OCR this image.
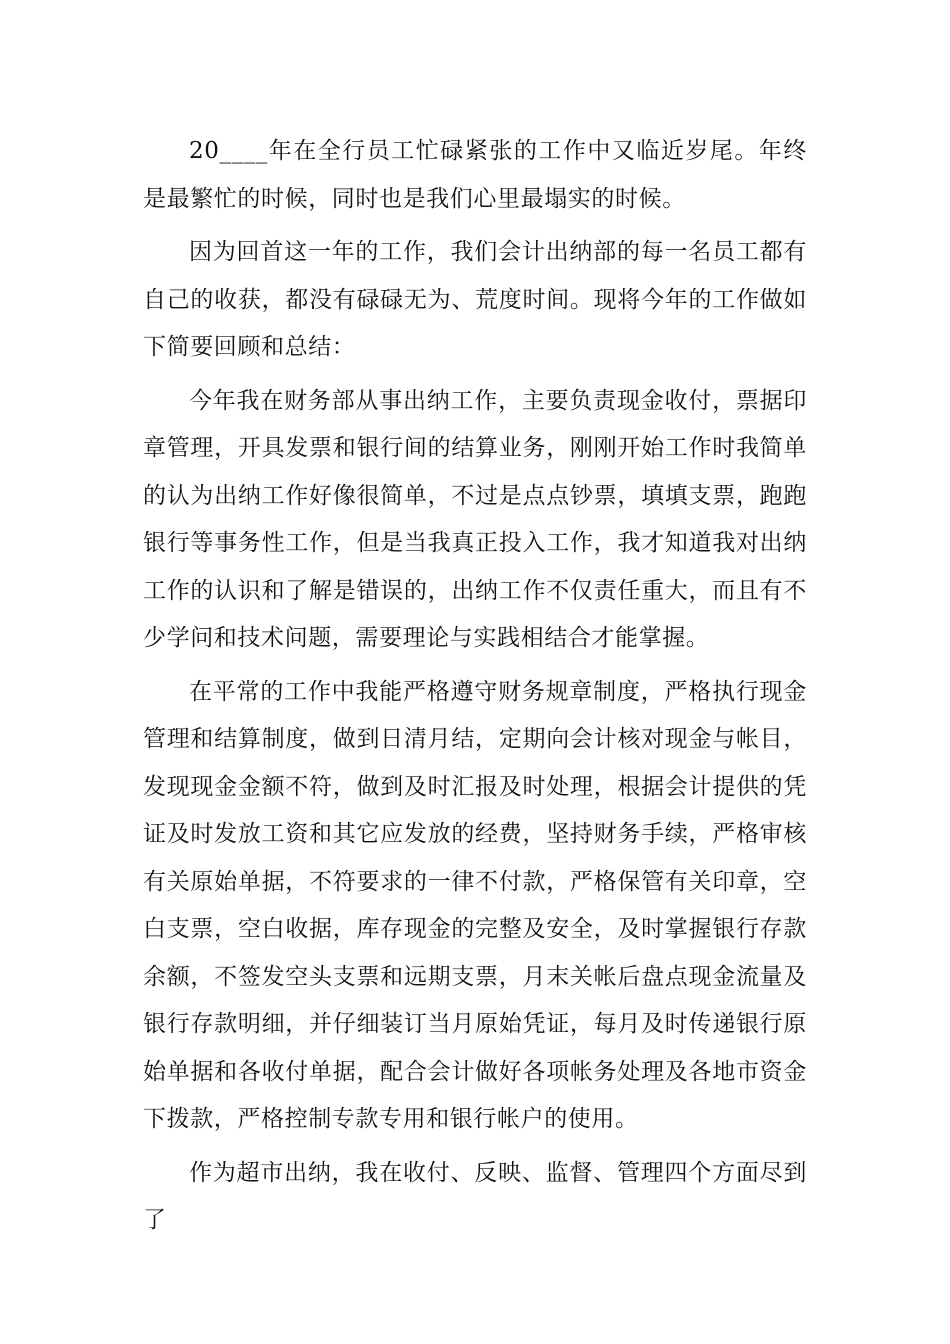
20____年在全行员工忙碌紧张的工作中又临近岁尾。年终是最繁忙的时候，同时也是我们心里最塌实的时候。

因为回首这一年的工作，我们会计出纳部的每一名员工都有自己的收获，都没有碌碌无为、荒度时间。现将今年的工作做如下简要回顾和总结：

今年我在财务部从事出纳工作，主要负责现金收付，票据印章管理，开具发票和银行间的结算业务，刚刚开始工作时我简单的认为出纳工作好像很简单，不过是点点钞票，填填支票，跑跑银行等事务性工作，但是当我真正投入工作，我才知道我对出纳工作的认识和了解是错误的，出纳工作不仅责任重大，而且有不少学问和技术问题，需要理论与实践相结合才能掌握。

在平常的工作中我能严格遵守财务规章制度，严格执行现金管理和结算制度，做到日清月结，定期向会计核对现金与帐目，发现现金金额不符，做到及时汇报及时处理，根据会计提供的凭证及时发放工资和其它应发放的经费，坚持财务手续，严格审核有关原始单据，不符要求的一律不付款，严格保管有关印章，空白支票，空白收据，库存现金的完整及安全，及时掌握银行存款余额，不签发空头支票和远期支票，月末关帐后盘点现金流量及银行存款明细，并仔细装订当月原始凭证，每月及时传递银行原始单据和各收付单据，配合会计做好各项帐务处理及各地市资金下拨款，严格控制专款专用和银行帐户的使用。

作为超市出纳，我在收付、反映、监督、管理四个方面尽到了
